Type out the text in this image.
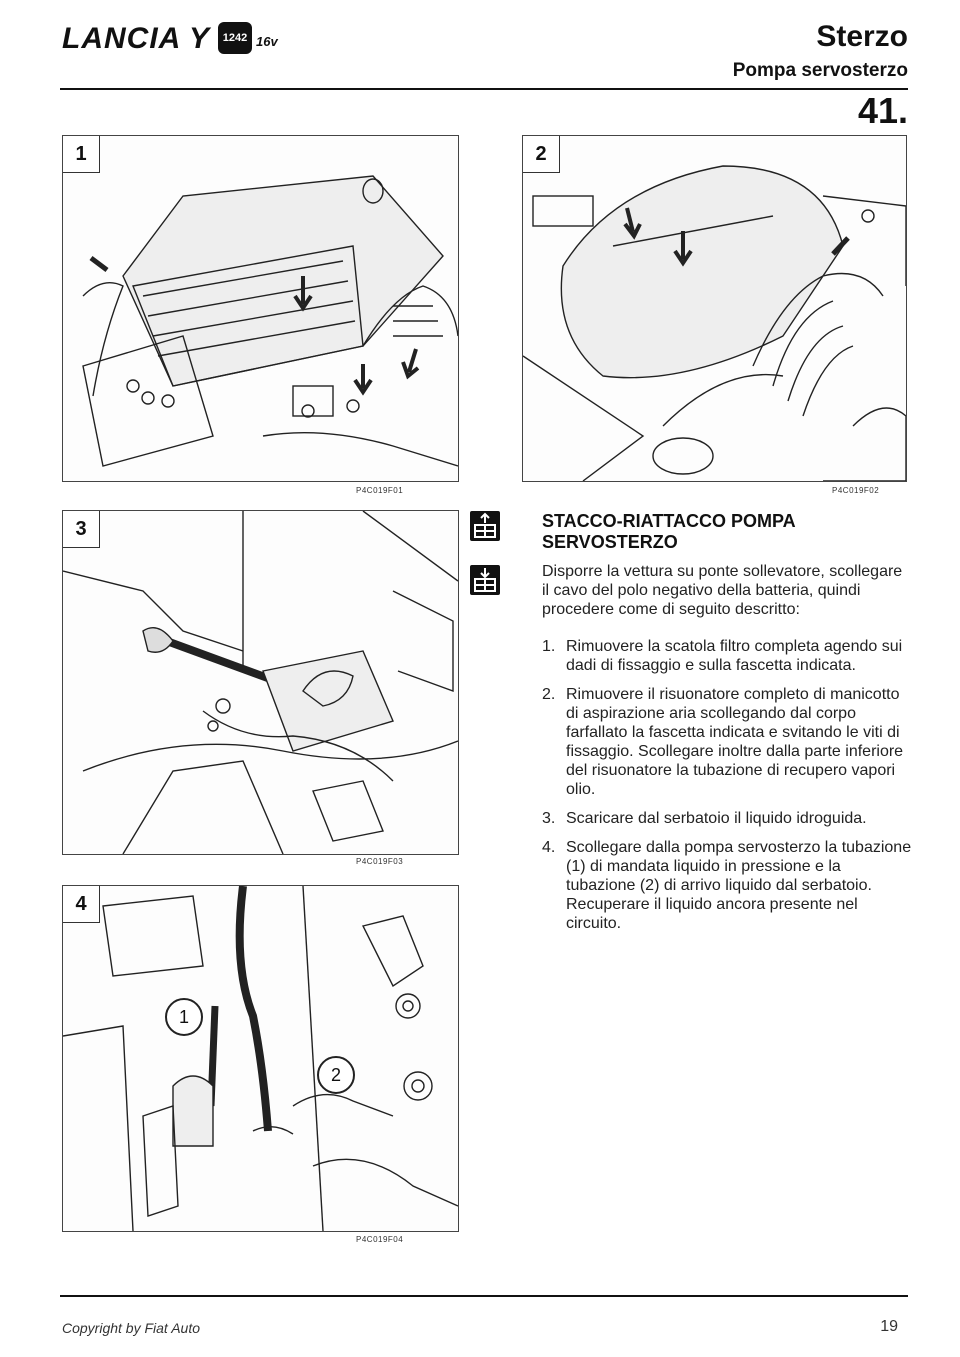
LANCIA Y	1242 16v	Sterzo
Pompa servosterzo
41.
1
P4C019F01
2
P4C019F02
3
P4C019F03
4
1
2
P4C019F04
STACCO-RIATTACCO POMPA SERVOSTERZO
Disporre la vettura su ponte sollevatore, scollegare il cavo del polo negativo della batteria, quindi procedere come di seguito descritto:
1. Rimuovere la scatola filtro completa agendo sui dadi di fissaggio e sulla fascetta indicata.
2. Rimuovere il risuonatore completo di manicotto di aspirazione aria scollegando dal corpo farfallato la fascetta indicata e svitando le viti di fissaggio. Scollegare inoltre dalla parte inferiore del risuonatore la tubazione di recupero vapori olio.
3. Scaricare dal serbatoio il liquido idroguida.
4. Scollegare dalla pompa servosterzo la tubazione (1) di mandata liquido in pressione e la tubazione (2) di arrivo liquido dal serbatoio. Recuperare il liquido ancora presente nel circuito.
Copyright by Fiat Auto	19
